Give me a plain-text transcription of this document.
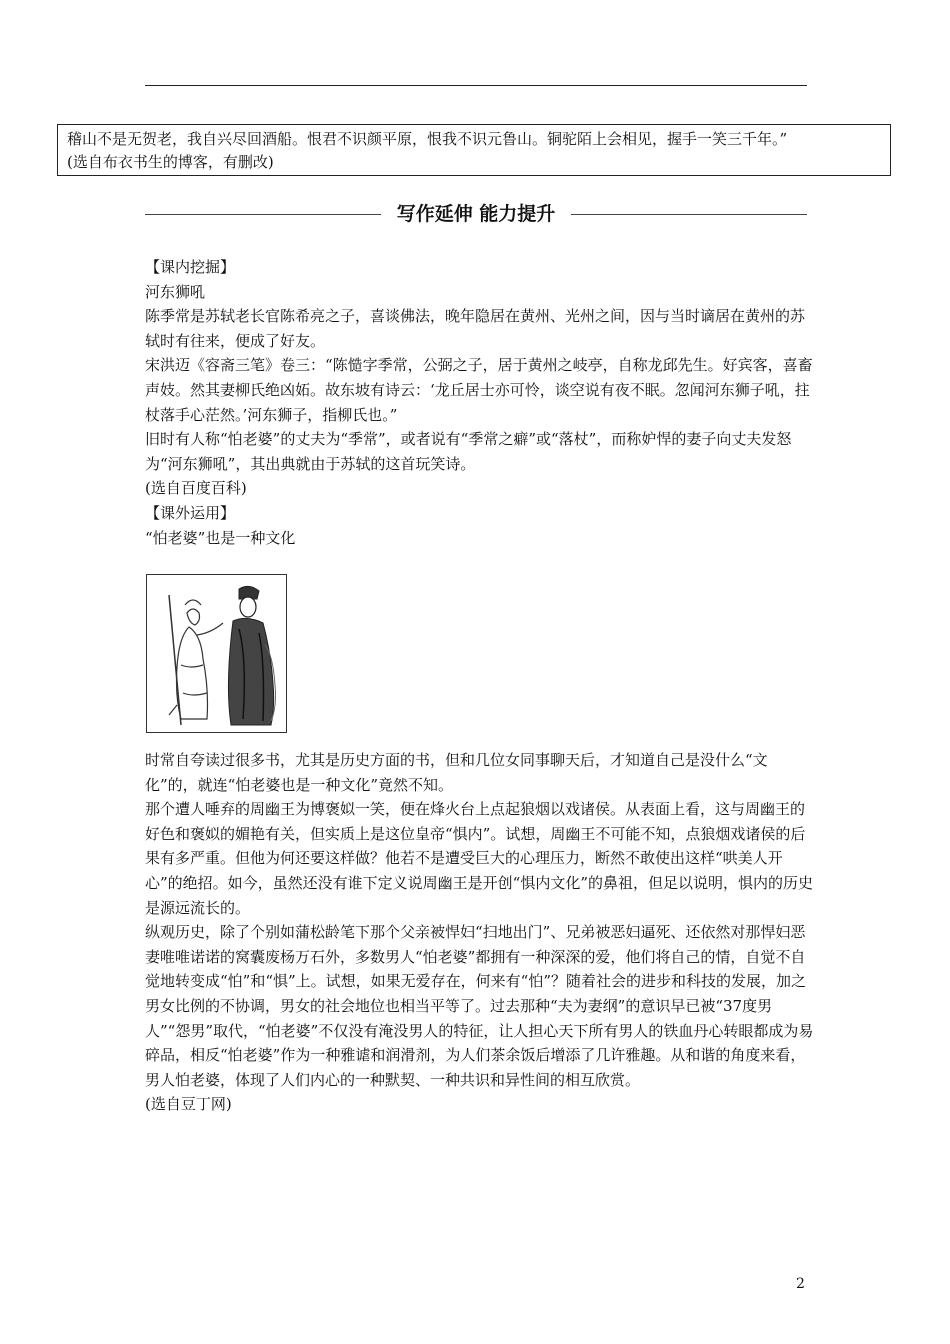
稽山不是无贺老，我自兴尽回酒船。恨君不识颜平原，恨我不识元鲁山。铜驼陌上会相见，握手一笑三千年。”

(选自布衣书生的博客，有删改)

写作延伸 能力提升

【课内挖掘】

河东狮吼

陈季常是苏轼老长官陈希亮之子，喜谈佛法，晚年隐居在黄州、光州之间，因与当时谪居在黄州的苏轼时有往来，便成了好友。

宋洪迈《容斋三笔》卷三：“陈慥字季常，公弼之子，居于黄州之岐亭，自称龙邱先生。好宾客，喜畜声妓。然其妻柳氏绝凶妬。故东坡有诗云：‘龙丘居士亦可怜，谈空说有夜不眠。忽闻河东狮子吼，拄杖落手心茫然。’河东狮子，指柳氏也。”

旧时有人称“怕老婆”的丈夫为“季常”，或者说有“季常之癖”或“落杖”，而称妒悍的妻子向丈夫发怒为“河东狮吼”，其出典就由于苏轼的这首玩笑诗。

(选自百度百科)

【课外运用】

“怕老婆”也是一种文化

时常自夸读过很多书，尤其是历史方面的书，但和几位女同事聊天后，才知道自己是没什么“文化”的，就连“怕老婆也是一种文化”竟然不知。

那个遭人唾弃的周幽王为博褒姒一笑，便在烽火台上点起狼烟以戏诸侯。从表面上看，这与周幽王的好色和褒姒的媚艳有关，但实质上是这位皇帝“惧内”。试想，周幽王不可能不知，点狼烟戏诸侯的后果有多严重。但他为何还要这样做？他若不是遭受巨大的心理压力，断然不敢使出这样“哄美人开心”的绝招。如今，虽然还没有谁下定义说周幽王是开创“惧内文化”的鼻祖，但足以说明，惧内的历史是源远流长的。

纵观历史，除了个别如蒲松龄笔下那个父亲被悍妇“扫地出门”、兄弟被恶妇逼死、还依然对那悍妇恶妻唯唯诺诺的窝囊废杨万石外，多数男人“怕老婆”都拥有一种深深的爱，他们将自己的情，自觉不自觉地转变成“怕”和“惧”上。试想，如果无爱存在，何来有“怕”？随着社会的进步和科技的发展，加之男女比例的不协调，男女的社会地位也相当平等了。过去那种“夫为妻纲”的意识早已被“37度男人”“怨男”取代，“怕老婆”不仅没有淹没男人的特征，让人担心天下所有男人的铁血丹心转眼都成为易碎品，相反“怕老婆”作为一种雅谑和润滑剂，为人们茶余饭后增添了几许雅趣。从和谐的角度来看，男人怕老婆，体现了人们内心的一种默契、一种共识和异性间的相互欣赏。

(选自豆丁网)

2
